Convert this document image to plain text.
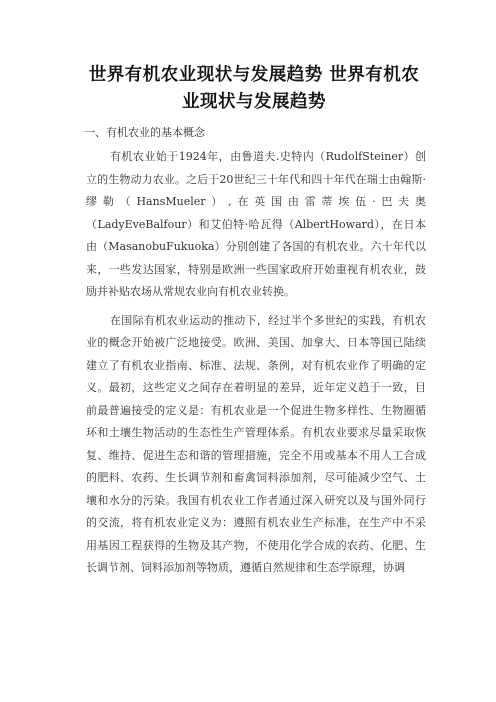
世界有机农业现状与发展趋势 世界有机农业现状与发展趋势
一、有机农业的基本概念

有机农业始于1924年，由鲁道夫.史特内（RudolfSteiner）创立的生物动力农业。之后于20世纪三十年代和四十年代在瑞士由翰斯·缪勒（HansMueler）,在英国由雷蒂埃伍·巴夫奥（LadyEveBalfour）和艾伯特·哈瓦得（AlbertHoward），在日本由（MasanobuFukuoka）分别创建了各国的有机农业。六十年代以来，一些发达国家，特别是欧洲一些国家政府开始重视有机农业，鼓励并补贴农场从常规农业向有机农业转换。

在国际有机农业运动的推动下，经过半个多世纪的实践，有机农业的概念开始被广泛地接受。欧洲、美国、加拿大、日本等国已陆续建立了有机农业指南、标准、法规、条例，对有机农业作了明确的定义。最初，这些定义之间存在着明显的差异，近年定义趋于一致，目前最普遍接受的定义是：有机农业是一个促进生物多样性、生物圈循环和土壤生物活动的生态性生产管理体系。有机农业要求尽量采取恢复、维持、促进生态和谐的管理措施，完全不用或基本不用人工合成的肥料、农药、生长调节剂和畜禽饲料添加剂，尽可能减少空气、土壤和水分的污染。我国有机农业工作者通过深入研究以及与国外同行的交流，将有机农业定义为：遵照有机农业生产标准，在生产中不采用基因工程获得的生物及其产物，不使用化学合成的农药、化肥、生长调节剂、饲料添加剂等物质，遵循自然规律和生态学原理，协调
